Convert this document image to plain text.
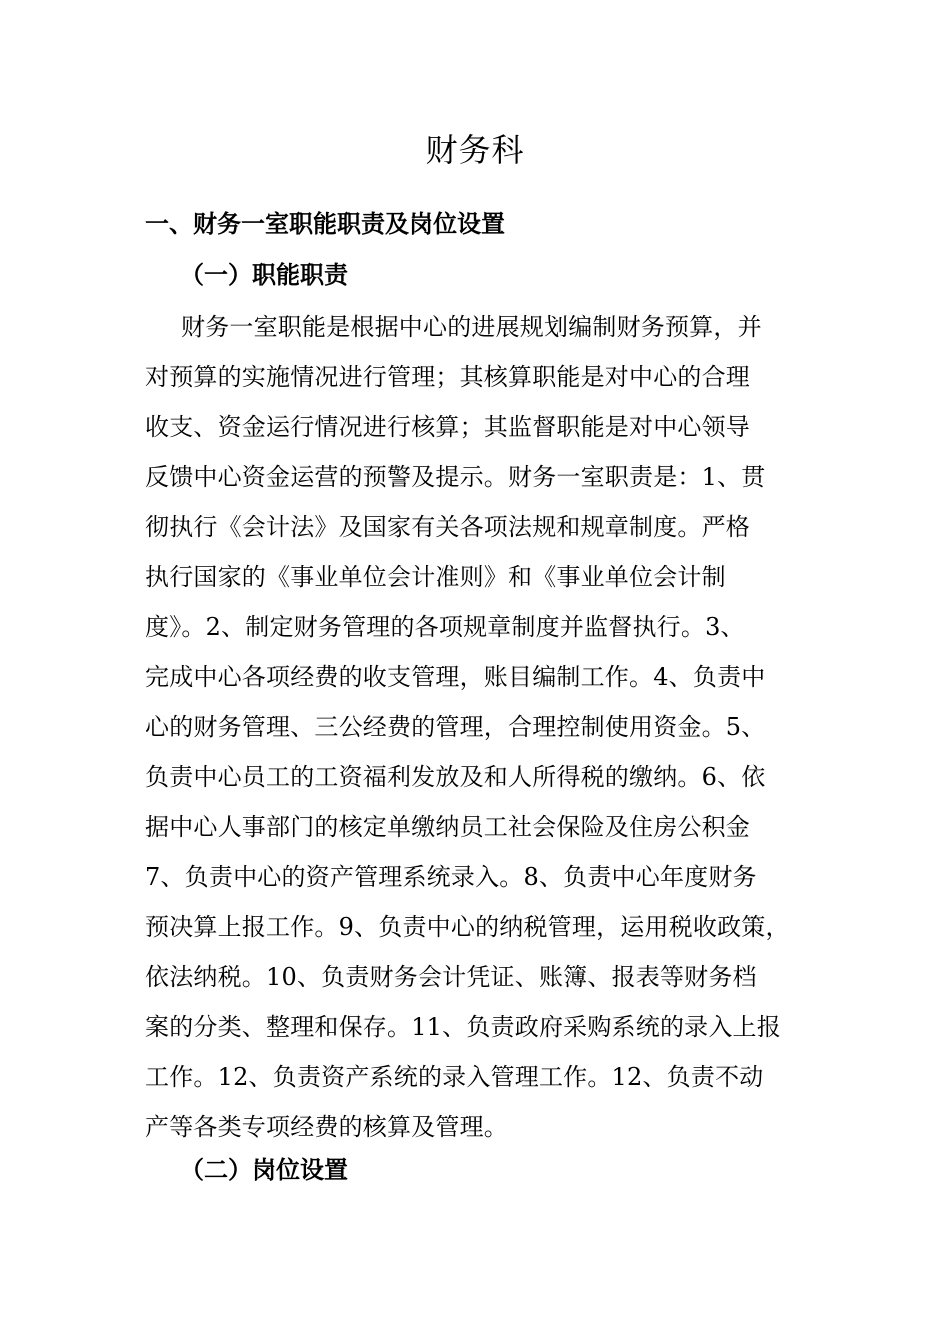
财务科
一、财务一室职能职责及岗位设置
（一）职能职责
财务一室职能是根据中心的进展规划编制财务预算，并
对预算的实施情况进行管理；其核算职能是对中心的合理
收支、资金运行情况进行核算；其监督职能是对中心领导
反馈中心资金运营的预警及提示。财务一室职责是：1、贯
彻执行《会计法》及国家有关各项法规和规章制度。严格
执行国家的《事业单位会计准则》和《事业单位会计制
度》。2、制定财务管理的各项规章制度并监督执行。3、
完成中心各项经费的收支管理，账目编制工作。4、负责中
心的财务管理、三公经费的管理，合理控制使用资金。5、
负责中心员工的工资福利发放及和人所得税的缴纳。6、依
据中心人事部门的核定单缴纳员工社会保险及住房公积金
7、负责中心的资产管理系统录入。8、负责中心年度财务
预决算上报工作。9、负责中心的纳税管理，运用税收政策，
依法纳税。10、负责财务会计凭证、账簿、报表等财务档
案的分类、整理和保存。11、负责政府采购系统的录入上报
工作。12、负责资产系统的录入管理工作。12、负责不动
产等各类专项经费的核算及管理。
（二）岗位设置
